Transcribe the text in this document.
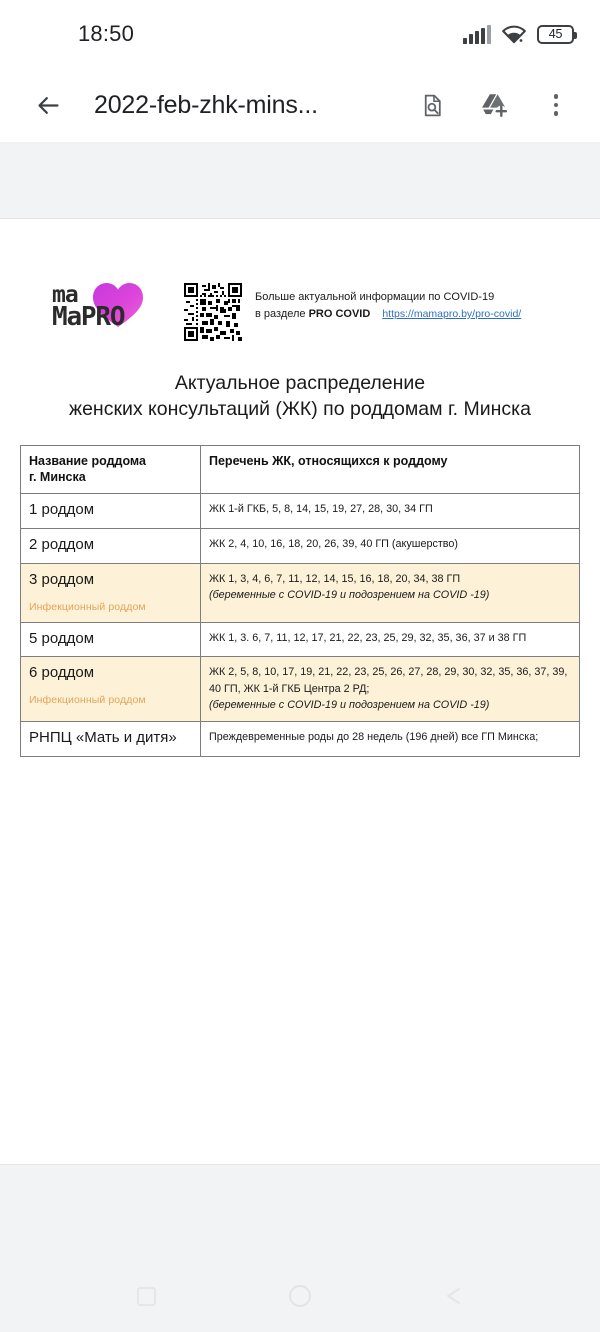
18:50	45
2022-feb-zhk-mins...
ma
MaPRO
Больше актуальной информации по COVID-19
в разделе PRO COVID https://mamapro.by/pro-covid/
Актуальное распределение
женских консультаций (ЖК) по роддомам г. Минска
Название роддома
г. Минска	Перечень ЖК, относящихся к роддому
1 роддом	ЖК 1-й ГКБ, 5, 8, 14, 15, 19, 27, 28, 30, 34 ГП
2 роддом	ЖК 2, 4, 10, 16, 18, 20, 26, 39, 40 ГП (акушерство)
3 роддом
Инфекционный роддом	ЖК 1, 3, 4, 6, 7, 11, 12, 14, 15, 16, 18, 20, 34, 38 ГП
(беременные с COVID-19 и подозрением на COVID -19)

5 роддом	ЖК 1, 3. 6, 7, 11, 12, 17, 21, 22, 23, 25, 29, 32, 35, 36, 37 и 38 ГП
6 роддом
Инфекционный роддом	ЖК 2, 5, 8, 10, 17, 19, 21, 22, 23, 25, 26, 27, 28, 29, 30, 32, 35, 36, 37, 39, 40 ГП, ЖК 1-й ГКБ Центра 2 РД;
(беременные с COVID-19 и подозрением на COVID -19)

РНПЦ «Мать и дитя»	Преждевременные роды до 28 недель (196 дней) все ГП Минска;
